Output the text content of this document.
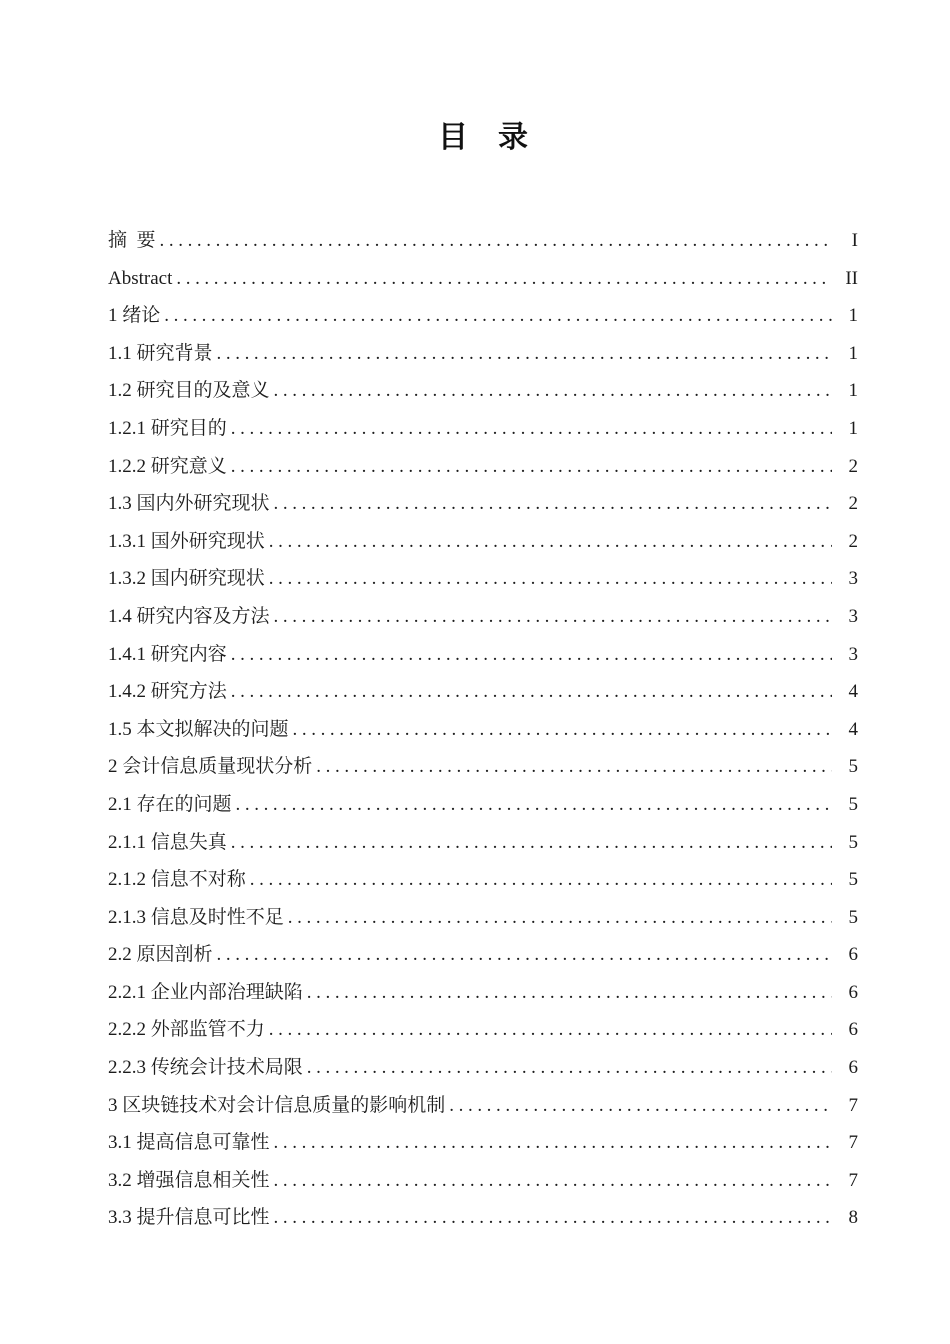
目　录
摘 要 .....	I
Abstract .....	II
1 绪论 .....	1
1.1 研究背景 .....	1
1.2 研究目的及意义 .....	1
1.2.1 研究目的 .....	1
1.2.2 研究意义 .....	2
1.3 国内外研究现状 .....	2
1.3.1 国外研究现状 .....	2
1.3.2 国内研究现状 .....	3
1.4 研究内容及方法 .....	3
1.4.1 研究内容 .....	3
1.4.2 研究方法 .....	4
1.5 本文拟解决的问题 .....	4
2 会计信息质量现状分析 .....	5
2.1 存在的问题 .....	5
2.1.1 信息失真 .....	5
2.1.2 信息不对称 .....	5
2.1.3 信息及时性不足 .....	5
2.2 原因剖析 .....	6
2.2.1 企业内部治理缺陷 .....	6
2.2.2 外部监管不力 .....	6
2.2.3 传统会计技术局限 .....	6
3 区块链技术对会计信息质量的影响机制 .....	7
3.1 提高信息可靠性 .....	7
3.2 增强信息相关性 .....	7
3.3 提升信息可比性 .....	8
